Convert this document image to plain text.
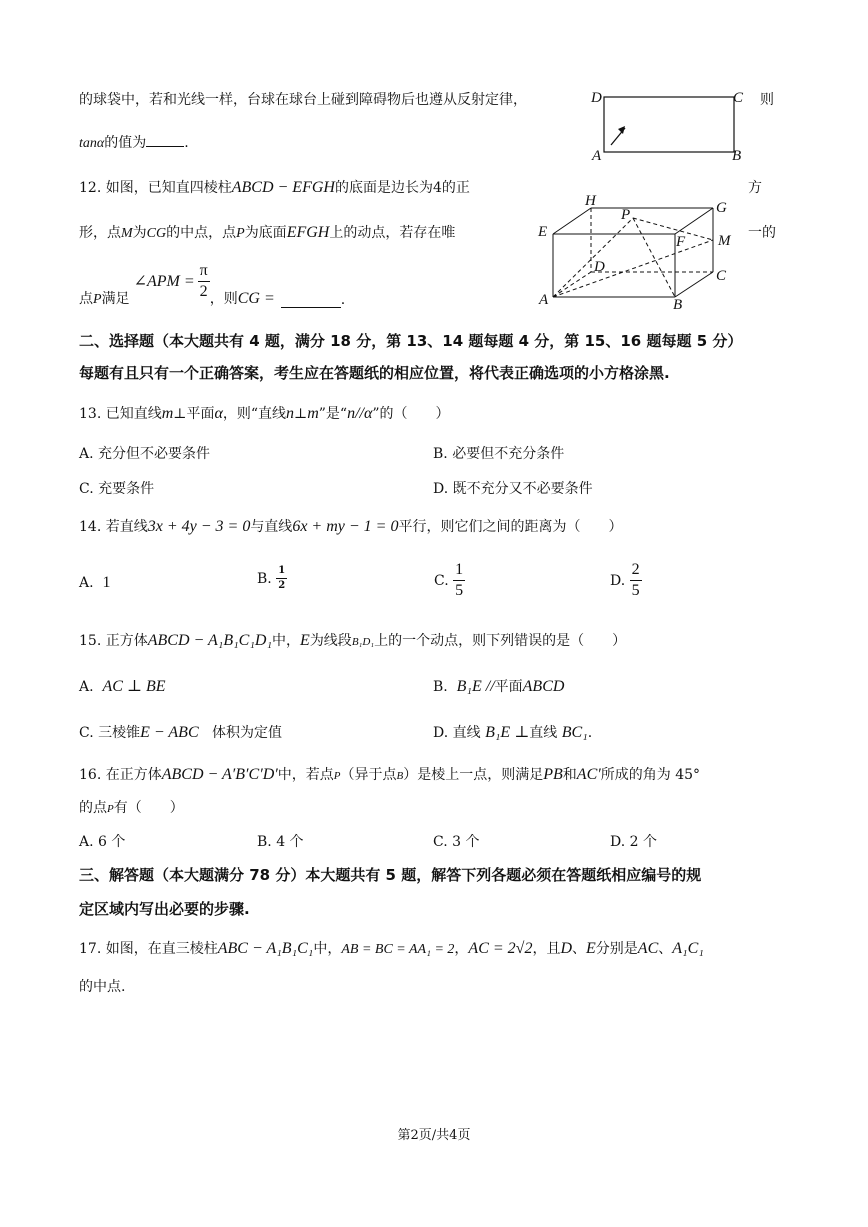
的球袋中，若和光线一样，台球在球台上碰到障碍物后也遵从反射定律，	则
tanα的值为	.
D	C
A	B
12. 如图，已知直四棱柱ABCD − EFGH的底面是边长为4的正	方
形，点M为CG的中点，点P为底面EFGH上的动点，若存在唯	一的
点 P 满足
∠APM = $\frac{\pi}{2}$ ，则 CG =	.
H	G
E
F M
P
D
C
A	B
二、选择题（本大题共有 4 题，满分 18 分，第 13、14 题每题 4 分，第 15、16 题每题 5 分）
每题有且只有一个正确答案，考生应在答题纸的相应位置，将代表正确选项的小方格涂黑.
13. 已知直线m⊥平面α，则“直线n⊥m”是“n//α”的（　　）
A. 充分但不必要条件	B. 必要但不充分条件
C. 充要条件	D. 既不充分又不必要条件
14. 若直线3x + 4y − 3 = 0与直线6x + my − 1 = 0平行，则它们之间的距离为（　　）
A. 1	B.
$\frac{1}{2}$	C.
$\frac{1}{5}$	D.
$\frac{2}{5}$
15. 正方体ABCD − A₁B₁C₁D₁中，E为线段B₁D₁上的一个动点，则下列错误的是（　　）
A. AC ⊥ BE	B. B₁E //平面ABCD
C. 三棱锥E − ABC 体积为定值	D. 直线 B₁E ⊥直线 BC₁.
16. 在正方体ABCD − A′B′C′D′中，若点P（异于点B）是棱上一点，则满足PB和AC′所成的角为 45°
的点P有（　　）
A. 6 个	B. 4 个	C. 3 个	D. 2 个
三、解答题（本大题满分 78 分）本大题共有 5 题，解答下列各题必须在答题纸相应编号的规
定区域内写出必要的步骤.
17. 如图，在直三棱柱ABC − A₁B₁C₁中，AB = BC = AA₁ = 2，AC = 2√2，且D、E分别是AC、A₁C₁
的中点.
第2页/共4页
